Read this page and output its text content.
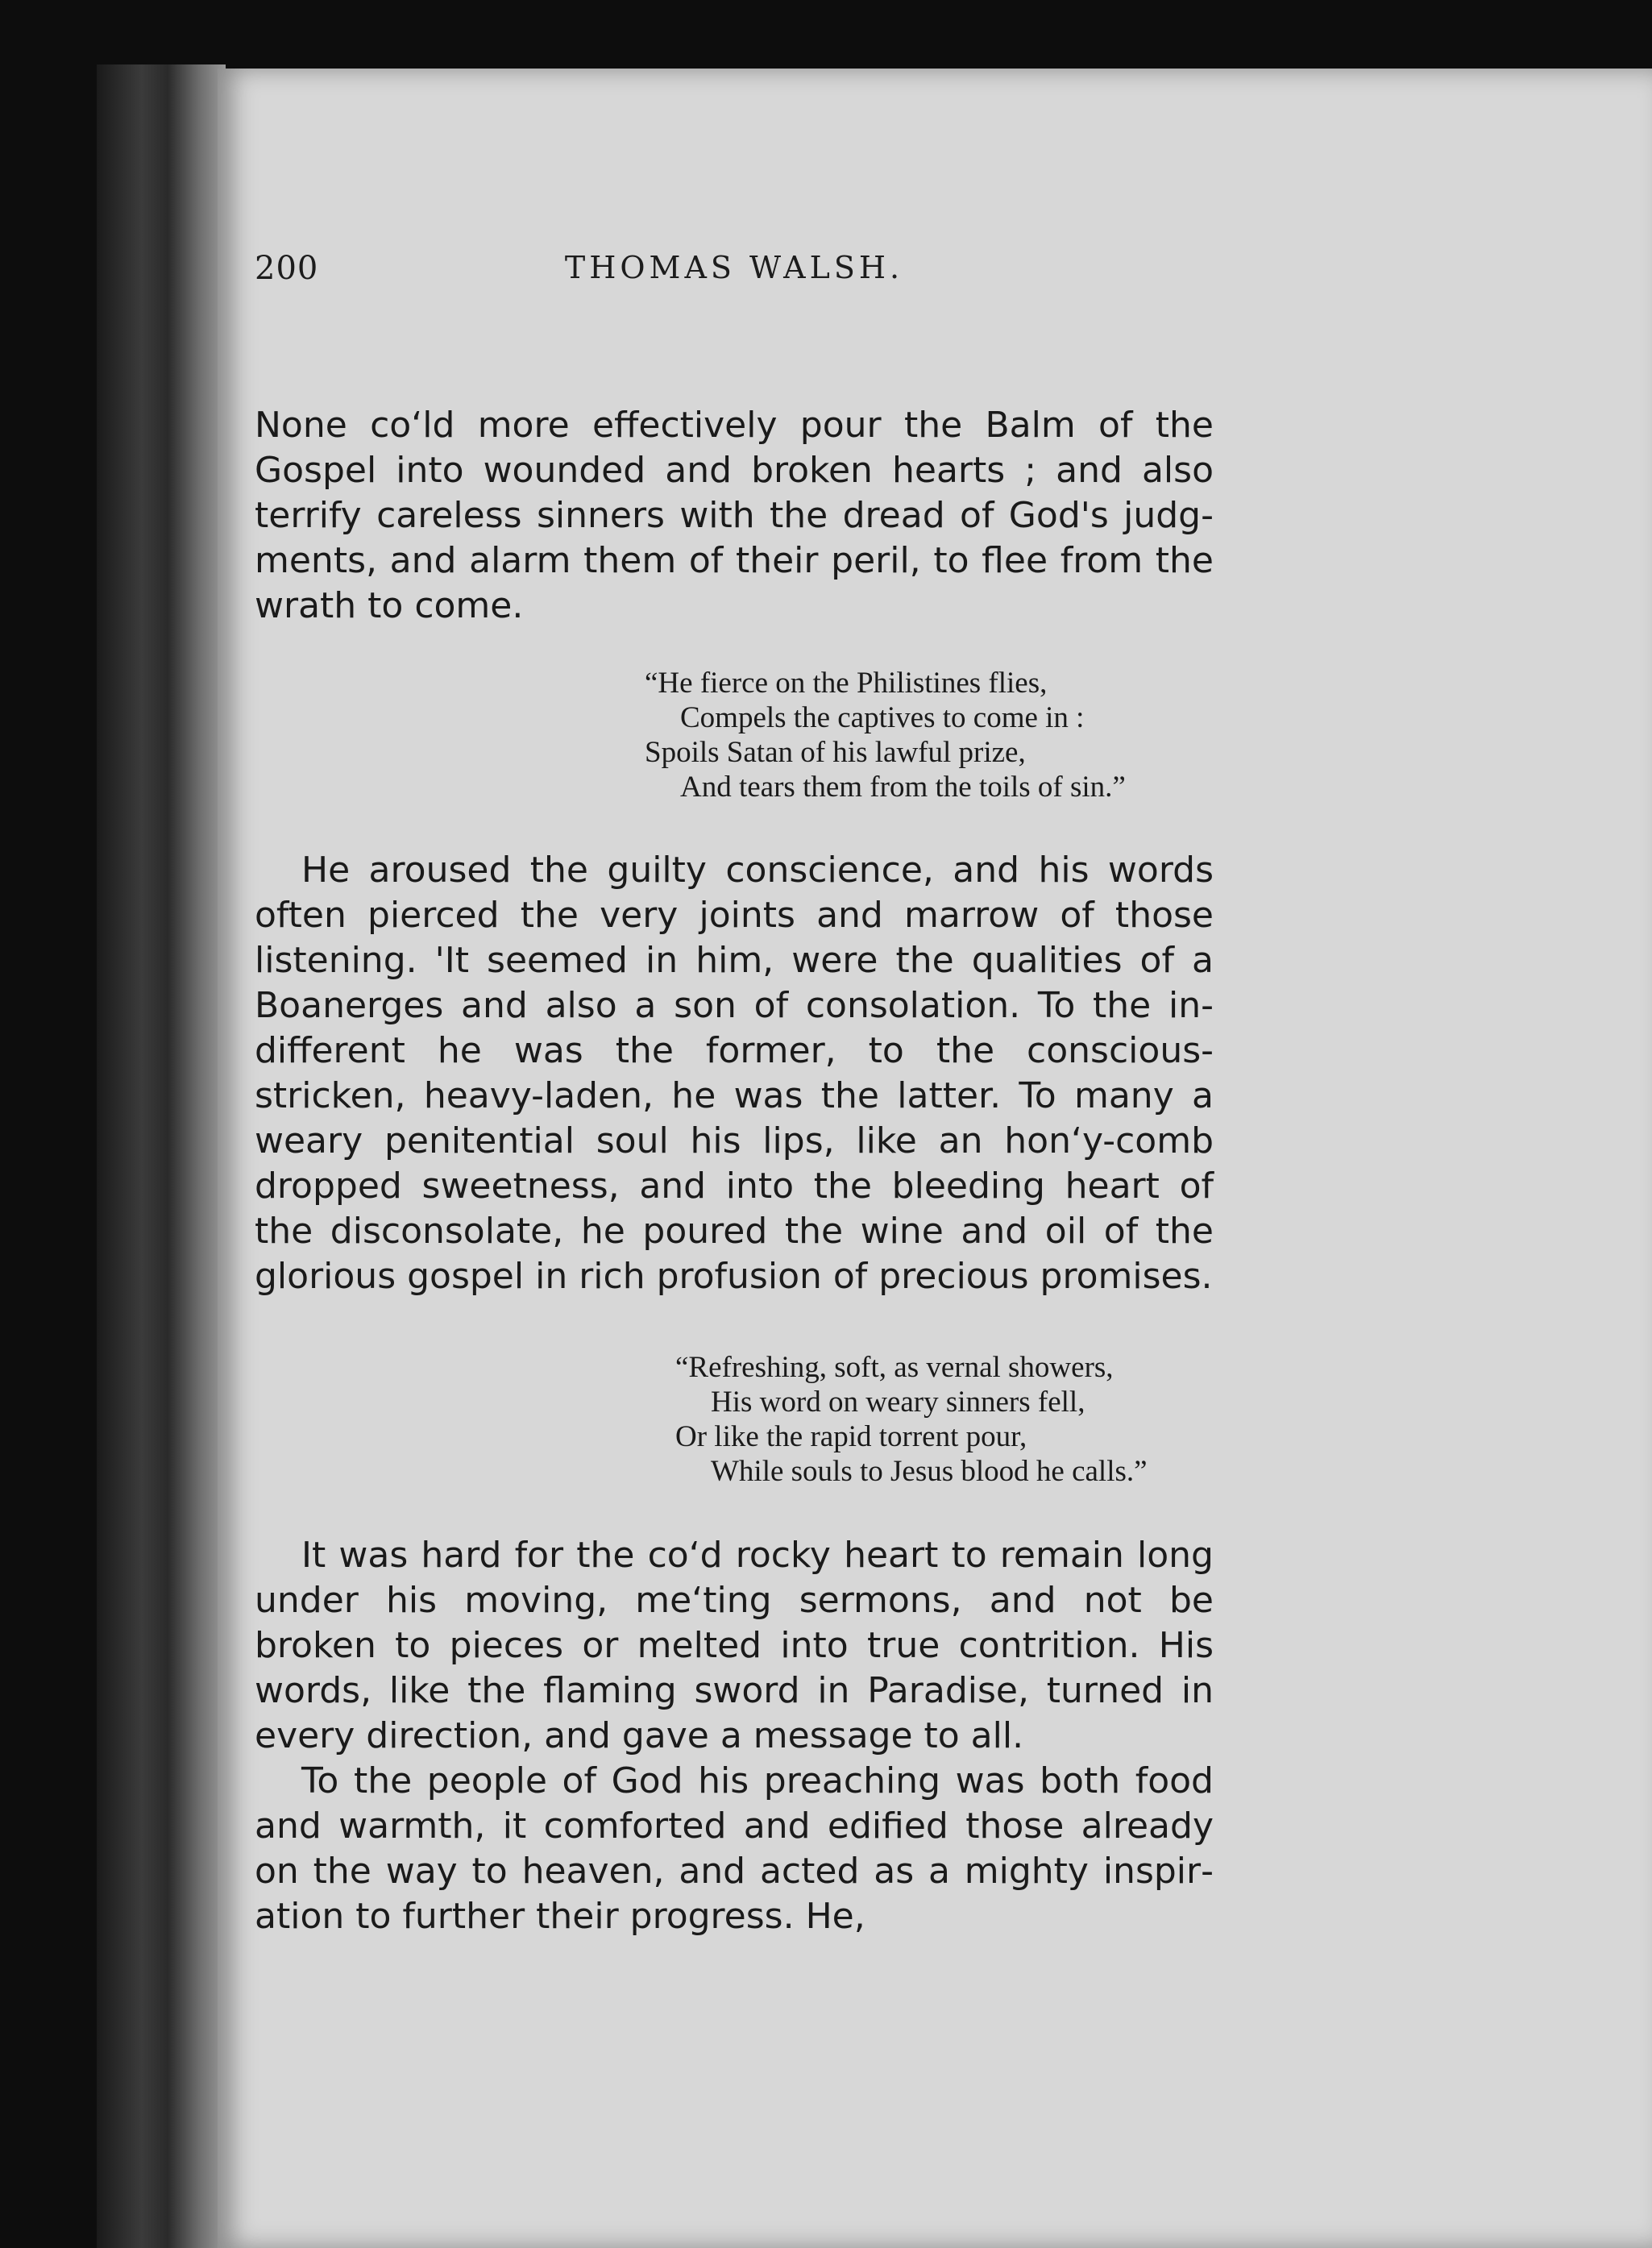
200	THOMAS WALSH.

None coʻld more effectively pour the Balm of the Gospel into wounded and broken hearts ; and also terrify careless sinners with the dread of God's judgments, and alarm them of their peril, to flee from the wrath to come.

“He fierce on the Philistines flies,
Compels the captives to come in :
Spoils Satan of his lawful prize,
And tears them from the toils of sin.”

He aroused the guilty conscience, and his words often pierced the very joints and marrow of those listening. 'It seemed in him, were the qualities of a Boanerges and also a son of consolation. To the indifferent he was the former, to the conscious-stricken, heavy-laden, he was the latter. To many a weary penitential soul his lips, like an honʻy-comb dropped sweetness, and into the bleeding heart of the disconsolate, he poured the wine and oil of the glorious gospel in rich profusion of precious promises.

“Refreshing, soft, as vernal showers,
His word on weary sinners fell,
Or like the rapid torrent pour,
While souls to Jesus blood he calls.”

It was hard for the coʻd rocky heart to remain long under his moving, meʻting sermons, and not be broken to pieces or melted into true contrition. His words, like the flaming sword in Paradise, turned in every direction, and gave a message to all.

To the people of God his preaching was both food and warmth, it comforted and edified those already on the way to heaven, and acted as a mighty inspiration to further their progress. He,
